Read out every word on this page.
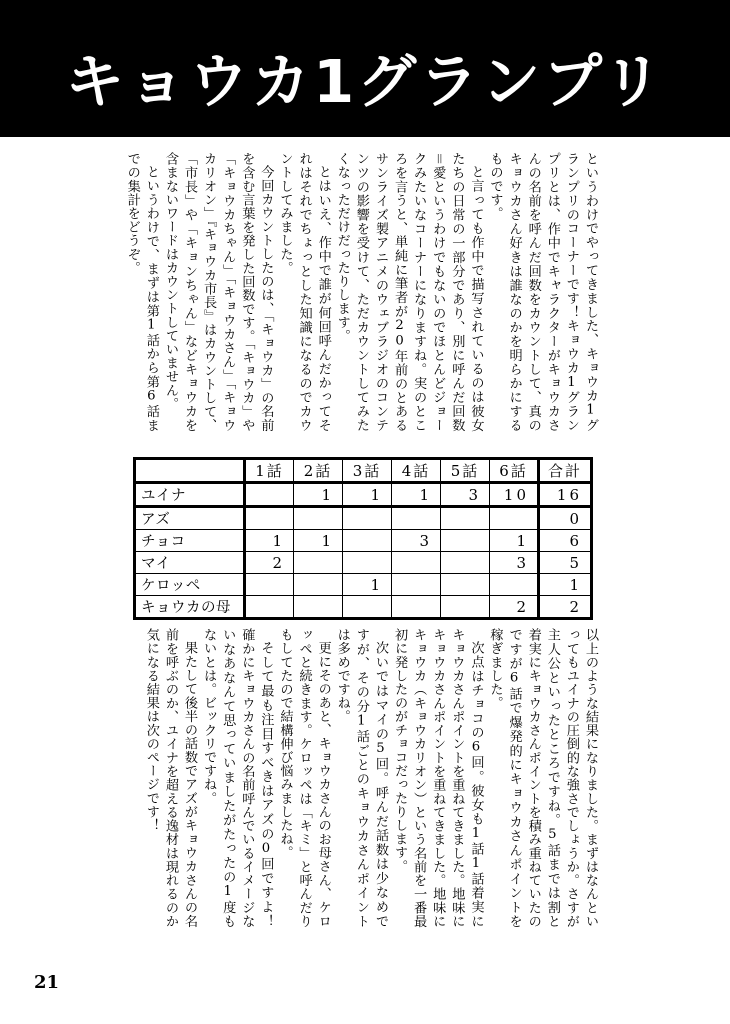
キョウカ1グランプリ

というわけでやってきました、キョウカ1グランプリのコーナーです！キョウカ1グランプリとは、作中でキャラクターがキョウカさんの名前を呼んだ回数をカウントして、真のキョウカさん好きは誰なのかを明らかにするものです。

と言っても作中で描写されているのは彼女たちの日常の一部分であり、別に呼んだ回数＝愛というわけでもないのでほとんどジョークみたいなコーナーになりますね。実のところを言うと、単純に筆者が20年前のとあるサンライズ製アニメのウェブラジオのコンテンツの影響を受けて、ただカウントしてみたくなっただけだったりします。

とはいえ、作中で誰が何回呼んだかってそれはそれでちょっとした知識になるのでカウントしてみました。

今回カウントしたのは、「キョウカ」の名前を含む言葉を発した回数です。「キョウカ」や「キョウカちゃん」「キョウカさん」「キョウカリオン」『キョウカ市長』はカウントして、「市長」や「キョンちゃん」などキョウカを含まないワードはカウントしていません。

というわけで、まずは第1話から第6話までの集計をどうぞ。

	1話	2話	3話	4話	5話	6話	合計
ユイナ		1	1	1	3	10	16
アズ							0
チョコ	1	1		3		1	6
マイ	2					3	5
ケロッペ			1				1
キョウカの母						2	2

以上のような結果になりました。まずはなんといってもユイナの圧倒的な強さでしょうか。さすが主人公といったところですね。5話までは割と着実にキョウカさんポイントを積み重ねていたのですが6話で爆発的にキョウカさんポイントを稼ぎました。

次点はチョコの6回。彼女も1話1話着実にキョウカさんポイントを重ねてきました。地味にキョウカさんポイントを重ねてきました。地味にキョウカ（キョウカリオン）という名前を一番最初に発したのがチョコだったりします。

次いではマイの5回。呼んだ話数は少なめですが、その分1話ごとのキョウカさんポイントは多めですね。

更にそのあと、キョウカさんのお母さん、ケロッペと続きます。ケロッペは「キミ」と呼んだりもしてたので結構伸び悩みましたね。

そして最も注目すべきはアズの0回ですよ！確かにキョウカさんの名前呼んでいるイメージないなあなんて思っていましたがたったの1度もないとは。ビックリですね。

果たして後半の話数でアズがキョウカさんの名前を呼ぶのか、ユイナを超える逸材は現れるのか気になる結果は次のページです！

21
